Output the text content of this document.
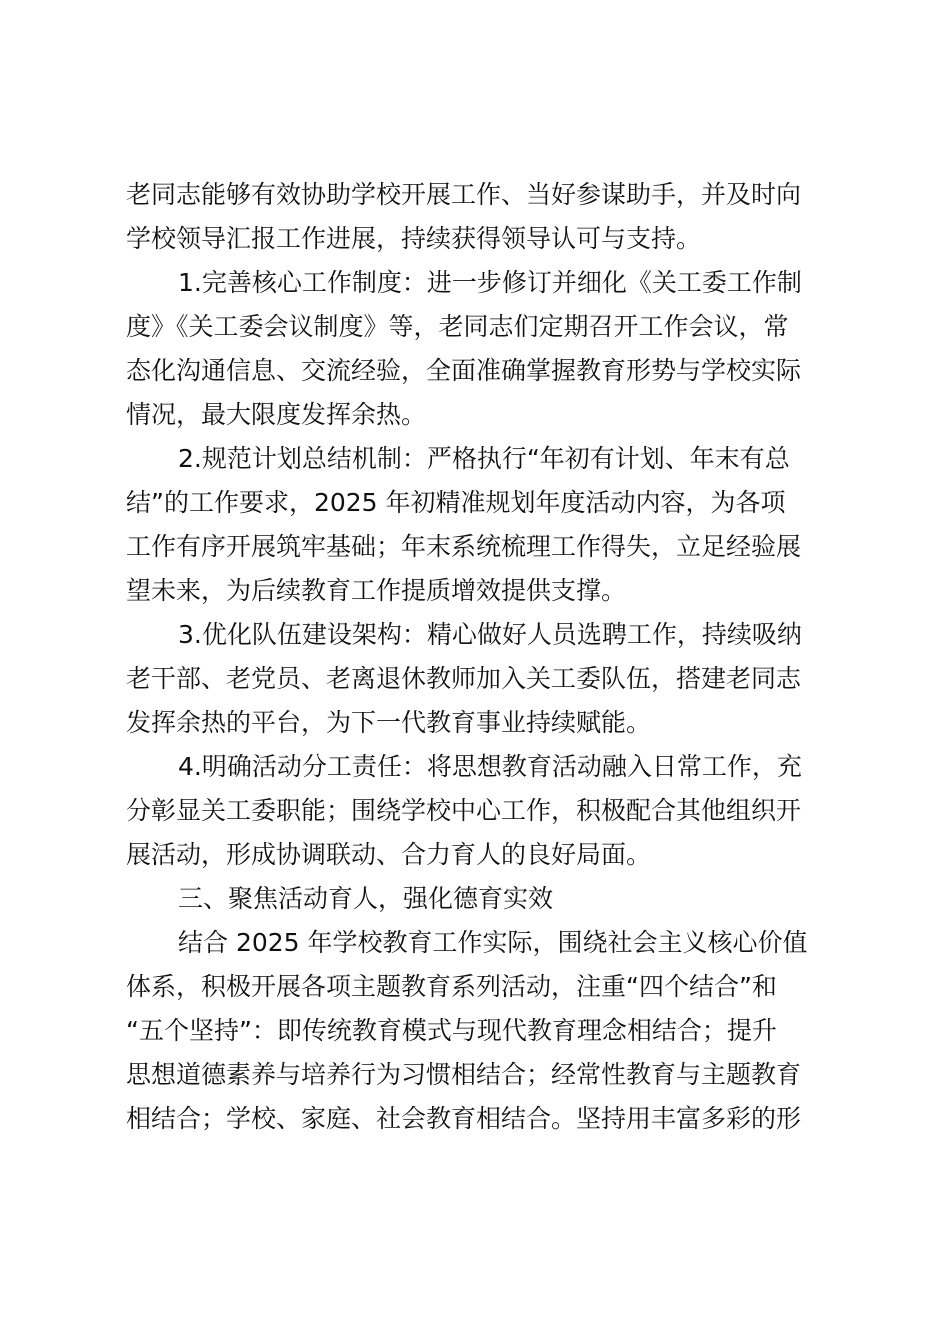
老同志能够有效协助学校开展工作、当好参谋助手，并及时向
学校领导汇报工作进展，持续获得领导认可与支持。
1.完善核心工作制度：进一步修订并细化《关工委工作制
度》《关工委会议制度》等，老同志们定期召开工作会议，常
态化沟通信息、交流经验，全面准确掌握教育形势与学校实际
情况，最大限度发挥余热。
2.规范计划总结机制：严格执行“年初有计划、年末有总
结”的工作要求，2025 年初精准规划年度活动内容，为各项
工作有序开展筑牢基础；年末系统梳理工作得失，立足经验展
望未来，为后续教育工作提质增效提供支撑。
3.优化队伍建设架构：精心做好人员选聘工作，持续吸纳
老干部、老党员、老离退休教师加入关工委队伍，搭建老同志
发挥余热的平台，为下一代教育事业持续赋能。
4.明确活动分工责任：将思想教育活动融入日常工作，充
分彰显关工委职能；围绕学校中心工作，积极配合其他组织开
展活动，形成协调联动、合力育人的良好局面。
三、聚焦活动育人，强化德育实效
结合 2025 年学校教育工作实际，围绕社会主义核心价值
体系，积极开展各项主题教育系列活动，注重“四个结合”和
“五个坚持”：即传统教育模式与现代教育理念相结合；提升
思想道德素养与培养行为习惯相结合；经常性教育与主题教育
相结合；学校、家庭、社会教育相结合。坚持用丰富多彩的形
